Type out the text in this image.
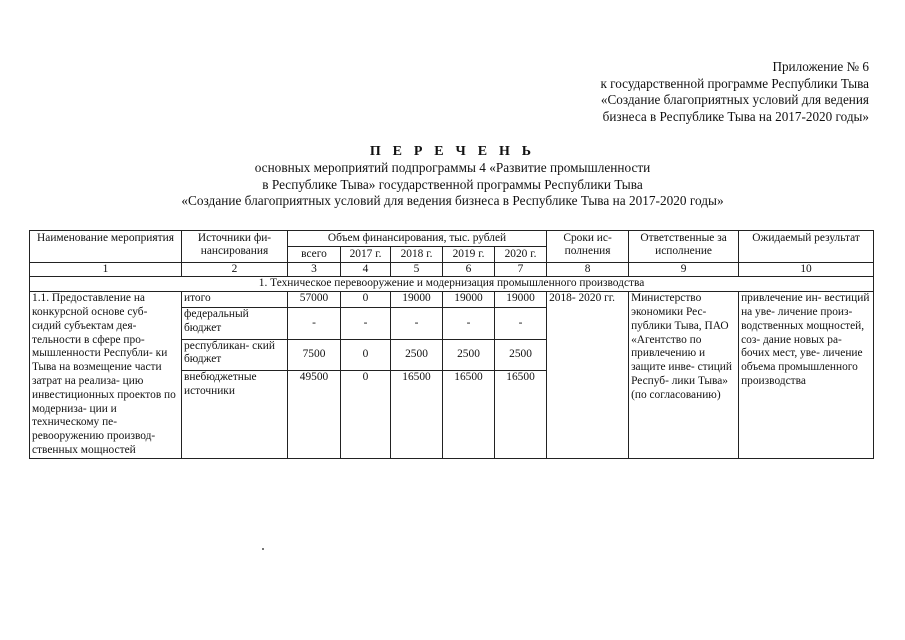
Приложение № 6
к государственной программе Республики Тыва
«Создание благоприятных условий для ведения
бизнеса в Республике Тыва на 2017-2020 годы»
П Е Р Е Ч Е Н Ь
основных мероприятий подпрограммы 4 «Развитие промышленности
в Республике Тыва» государственной программы Республики Тыва
«Создание благоприятных условий для ведения бизнеса в Республике Тыва на 2017-2020 годы»
Наименование мероприятия	Источники фи- нансирования	Объем финансирования, тыс. рублей					Сроки ис- полнения	Ответственные за исполнение	Ожидаемый результат
		всего	2017 г.	2018 г.	2019 г.	2020 г.			
1	2	3	4	5	6	7	8	9	10
1. Техническое перевооружение и модернизация промышленного производства									
1.1. Предоставление на конкурсной основе суб- сидий субъектам дея- тельности в сфере про- мышленности Республи- ки Тыва на возмещение части затрат на реализа- цию инвестиционных проектов по модерниза- ции и техническому пе- ревооружению производ- ственных мощностей	итого	57000	0	19000	19000	19000	2018- 2020 гг.	Министерство экономики Рес- публики Тыва, ПАО «Агентство по привлечению и защите инве- стиций Респуб- лики Тыва» (по согласованию)	привлечение ин- вестиций на уве- личение произ- водственных мощностей, соз- дание новых ра- бочих мест, уве- личение объема промышленного производства
	федеральный бюджет	-	-	-	-	-			
	республикан- ский бюджет	7500	0	2500	2500	2500			
	внебюджетные источники	49500	0	16500	16500	16500			
